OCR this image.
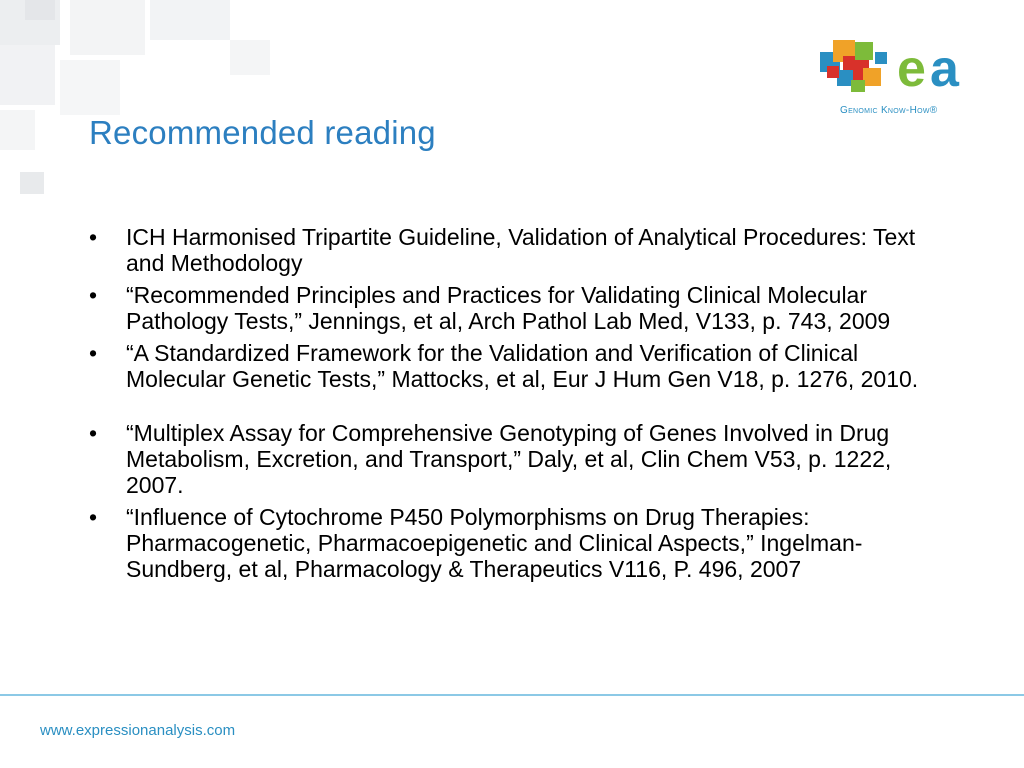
Recommended reading
e a
Genomic Know-How®
• ICH Harmonised Tripartite Guideline, Validation of Analytical Procedures: Text and Methodology
• “Recommended Principles and Practices for Validating Clinical Molecular Pathology Tests,” Jennings, et al, Arch Pathol Lab Med, V133, p. 743, 2009
• “A Standardized Framework for the Validation and Verification of Clinical Molecular Genetic Tests,” Mattocks, et al, Eur J Hum Gen V18, p. 1276, 2010.
• “Multiplex Assay for Comprehensive Genotyping of Genes Involved in Drug Metabolism, Excretion, and Transport,” Daly, et al, Clin Chem V53, p. 1222, 2007.
• “Influence of Cytochrome P450 Polymorphisms on Drug Therapies: Pharmacogenetic, Pharmacoepigenetic and Clinical Aspects,” Ingelman-Sundberg, et al, Pharmacology & Therapeutics V116, P. 496, 2007
www.expressionanalysis.com
